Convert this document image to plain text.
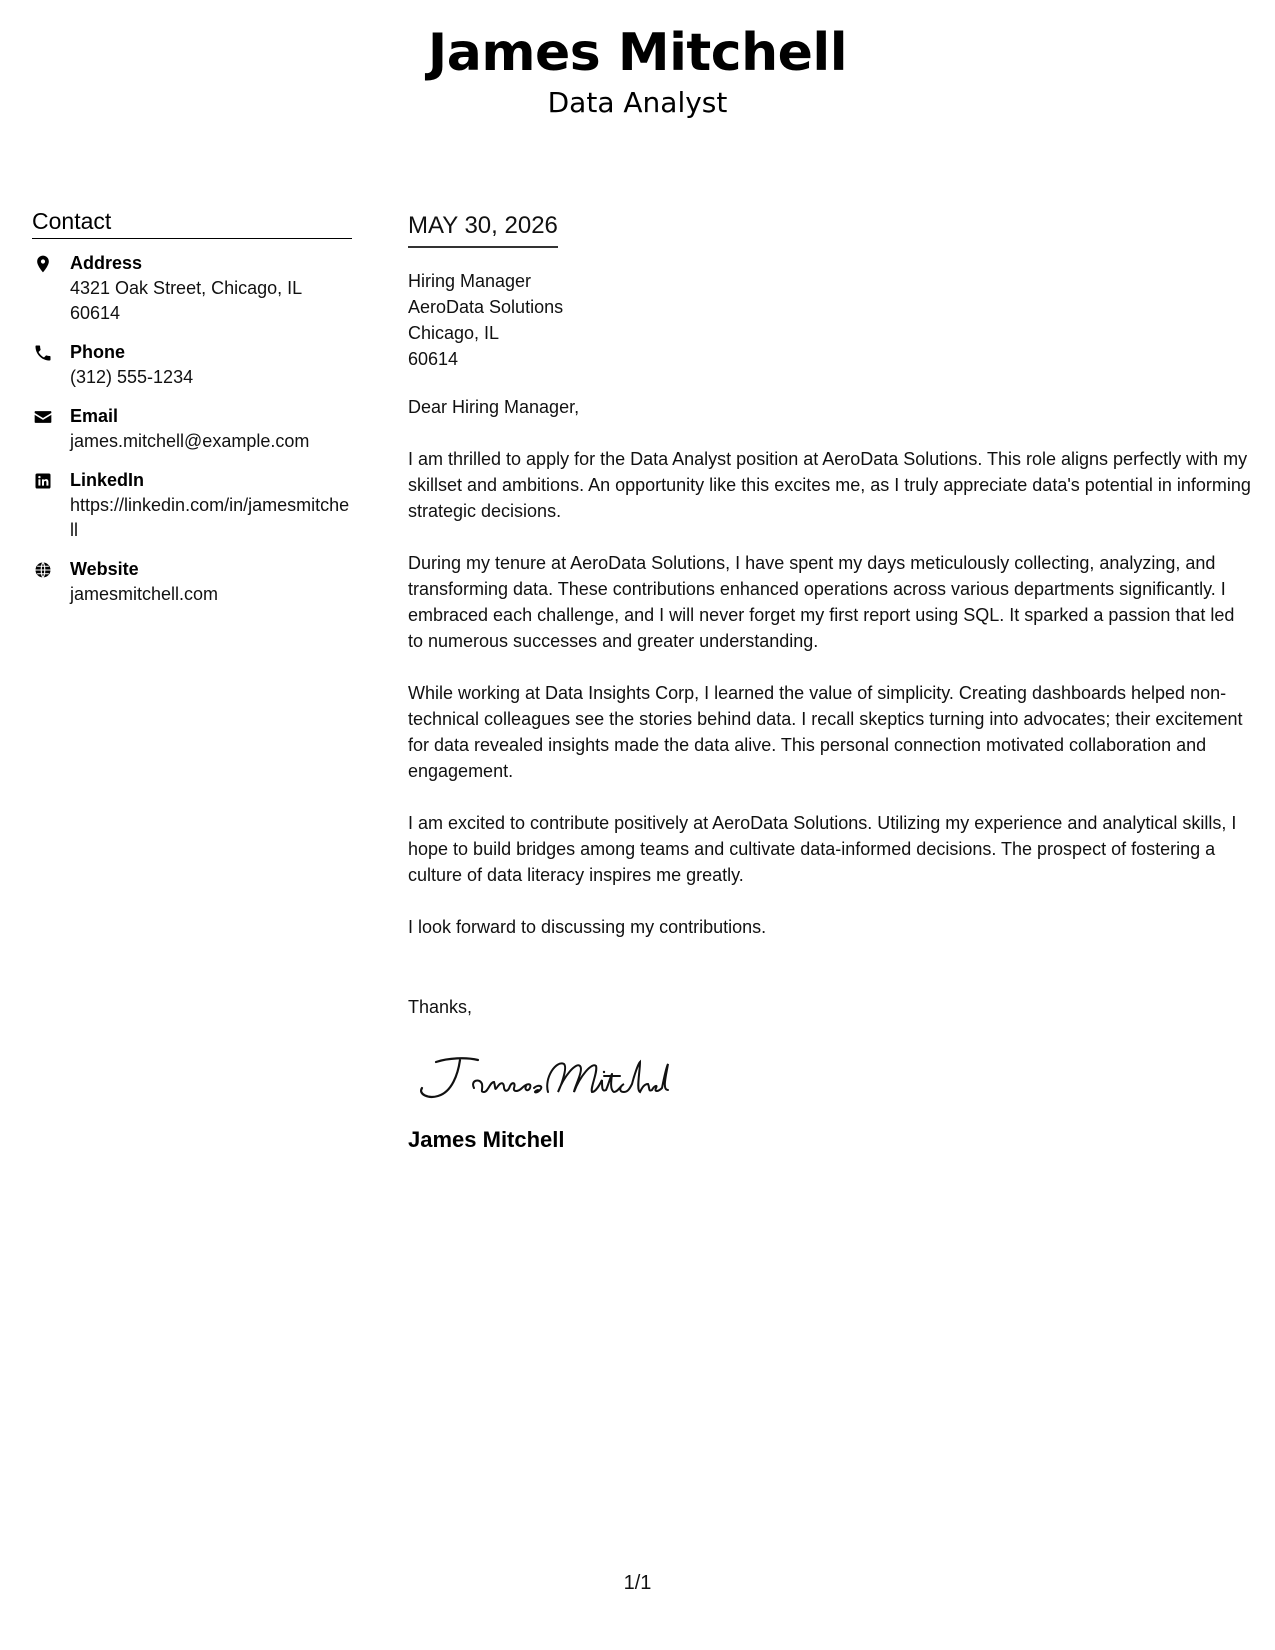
James Mitchell
Data Analyst
Contact
Address
4321 Oak Street, Chicago, IL 60614
Phone
(312) 555-1234
Email
james.mitchell@example.com
LinkedIn
https://linkedin.com/in/jamesmitchell
Website
jamesmitchell.com
MAY 30, 2026
Hiring Manager
AeroData Solutions
Chicago, IL
60614
Dear Hiring Manager,
I am thrilled to apply for the Data Analyst position at AeroData Solutions. This role aligns perfectly with my skillset and ambitions. An opportunity like this excites me, as I truly appreciate data's potential in informing strategic decisions.
During my tenure at AeroData Solutions, I have spent my days meticulously collecting, analyzing, and transforming data. These contributions enhanced operations across various departments significantly. I embraced each challenge, and I will never forget my first report using SQL. It sparked a passion that led to numerous successes and greater understanding.
While working at Data Insights Corp, I learned the value of simplicity. Creating dashboards helped non-technical colleagues see the stories behind data. I recall skeptics turning into advocates; their excitement for data revealed insights made the data alive. This personal connection motivated collaboration and engagement.
I am excited to contribute positively at AeroData Solutions. Utilizing my experience and analytical skills, I hope to build bridges among teams and cultivate data-informed decisions. The prospect of fostering a culture of data literacy inspires me greatly.
I look forward to discussing my contributions.
Thanks,
James Mitchell
1/1
